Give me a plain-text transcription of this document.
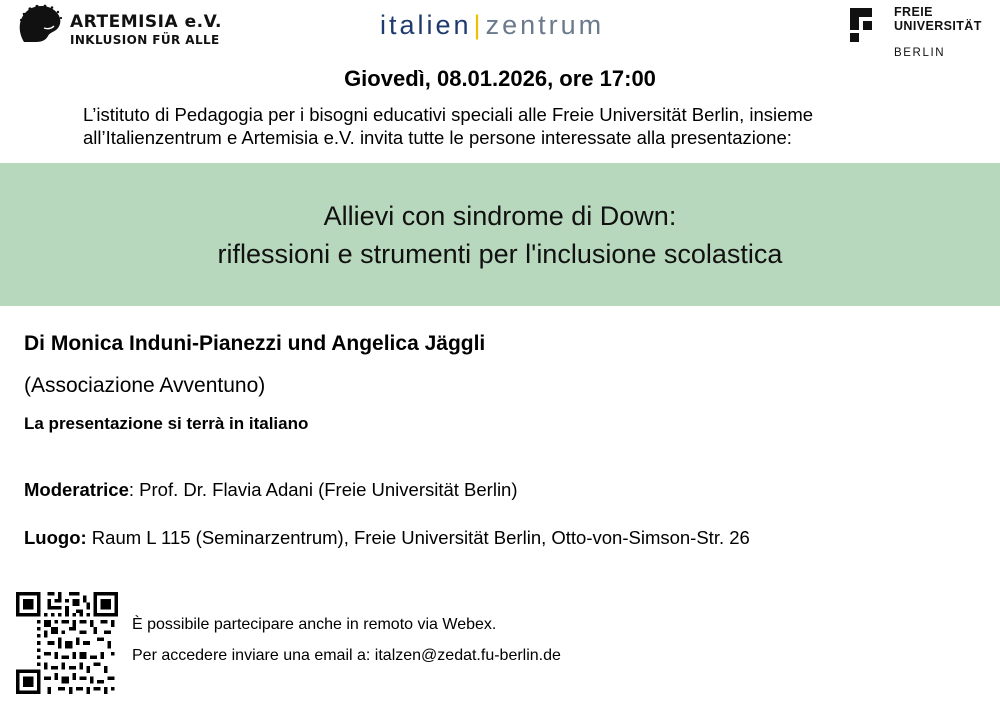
ARTEMISIA e.V.
INKLUSION FÜR ALLE	italien|zentrum	FREIE
UNIVERSITÄT
BERLIN
Giovedì, 08.01.2026, ore 17:00
L’istituto di Pedagogia per i bisogni educativi speciali alle Freie Universität Berlin, insieme all’Italienzentrum e Artemisia e.V. invita tutte le persone interessate alla presentazione:
Allievi con sindrome di Down:
riflessioni e strumenti per l'inclusione scolastica
Di Monica Induni-Pianezzi und Angelica Jäggli
(Associazione Avventuno)
La presentazione si terrà in italiano
Moderatrice: Prof. Dr. Flavia Adani (Freie Universität Berlin)
Luogo: Raum L 115 (Seminarzentrum), Freie Universität Berlin, Otto-von-Simson-Str. 26
È possibile partecipare anche in remoto via Webex.
Per accedere inviare una email a: italzen@zedat.fu-berlin.de
